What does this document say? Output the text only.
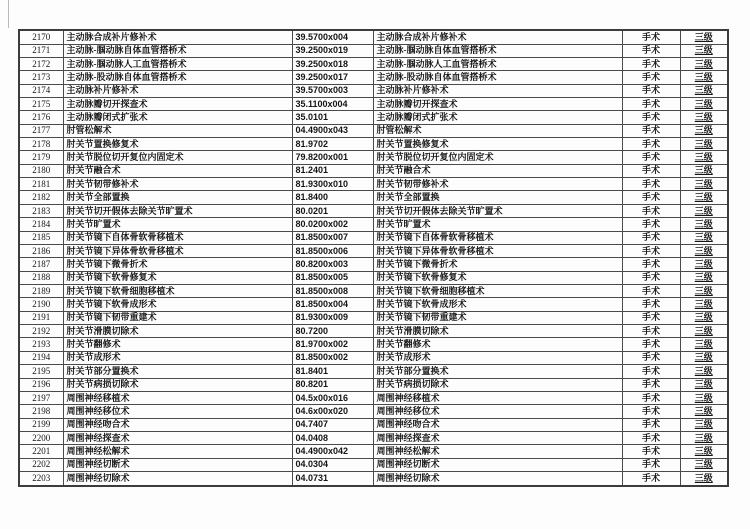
2170	主动脉合成补片修补术	39.5700x004	主动脉合成补片修补术	手术	三级
2171	主动脉-腘动脉自体血管搭桥术	39.2500x019	主动脉-腘动脉自体血管搭桥术	手术	三级
2172	主动脉-腘动脉人工血管搭桥术	39.2500x018	主动脉-腘动脉人工血管搭桥术	手术	三级
2173	主动脉-股动脉自体血管搭桥术	39.2500x017	主动脉-股动脉自体血管搭桥术	手术	三级
2174	主动脉补片修补术	39.5700x003	主动脉补片修补术	手术	三级
2175	主动脉瓣切开探查术	35.1100x004	主动脉瓣切开探查术	手术	三级
2176	主动脉瓣闭式扩张术	35.0101	主动脉瓣闭式扩张术	手术	三级
2177	肘管松解术	04.4900x043	肘管松解术	手术	三级
2178	肘关节置换修复术	81.9702	肘关节置换修复术	手术	三级
2179	肘关节脱位切开复位内固定术	79.8200x001	肘关节脱位切开复位内固定术	手术	三级
2180	肘关节融合术	81.2401	肘关节融合术	手术	三级
2181	肘关节韧带修补术	81.9300x010	肘关节韧带修补术	手术	三级
2182	肘关节全部置换	81.8400	肘关节全部置换	手术	三级
2183	肘关节切开假体去除关节旷置术	80.0201	肘关节切开假体去除关节旷置术	手术	三级
2184	肘关节旷置术	80.0200x002	肘关节旷置术	手术	三级
2185	肘关节镜下自体骨软骨移植术	81.8500x007	肘关节镜下自体骨软骨移植术	手术	三级
2186	肘关节镜下异体骨软骨移植术	81.8500x006	肘关节镜下异体骨软骨移植术	手术	三级
2187	肘关节镜下微骨折术	80.8200x003	肘关节镜下微骨折术	手术	三级
2188	肘关节镜下软骨修复术	81.8500x005	肘关节镜下软骨修复术	手术	三级
2189	肘关节镜下软骨细胞移植术	81.8500x008	肘关节镜下软骨细胞移植术	手术	三级
2190	肘关节镜下软骨成形术	81.8500x004	肘关节镜下软骨成形术	手术	三级
2191	肘关节镜下韧带重建术	81.9300x009	肘关节镜下韧带重建术	手术	三级
2192	肘关节滑膜切除术	80.7200	肘关节滑膜切除术	手术	三级
2193	肘关节翻修术	81.9700x002	肘关节翻修术	手术	三级
2194	肘关节成形术	81.8500x002	肘关节成形术	手术	三级
2195	肘关节部分置换术	81.8401	肘关节部分置换术	手术	三级
2196	肘关节病损切除术	80.8201	肘关节病损切除术	手术	三级
2197	周围神经移植术	04.5x00x016	周围神经移植术	手术	三级
2198	周围神经移位术	04.6x00x020	周围神经移位术	手术	三级
2199	周围神经吻合术	04.7407	周围神经吻合术	手术	三级
2200	周围神经探查术	04.0408	周围神经探查术	手术	三级
2201	周围神经松解术	04.4900x042	周围神经松解术	手术	三级
2202	周围神经切断术	04.0304	周围神经切断术	手术	三级
2203	周围神经切除术	04.0731	周围神经切除术	手术	三级
